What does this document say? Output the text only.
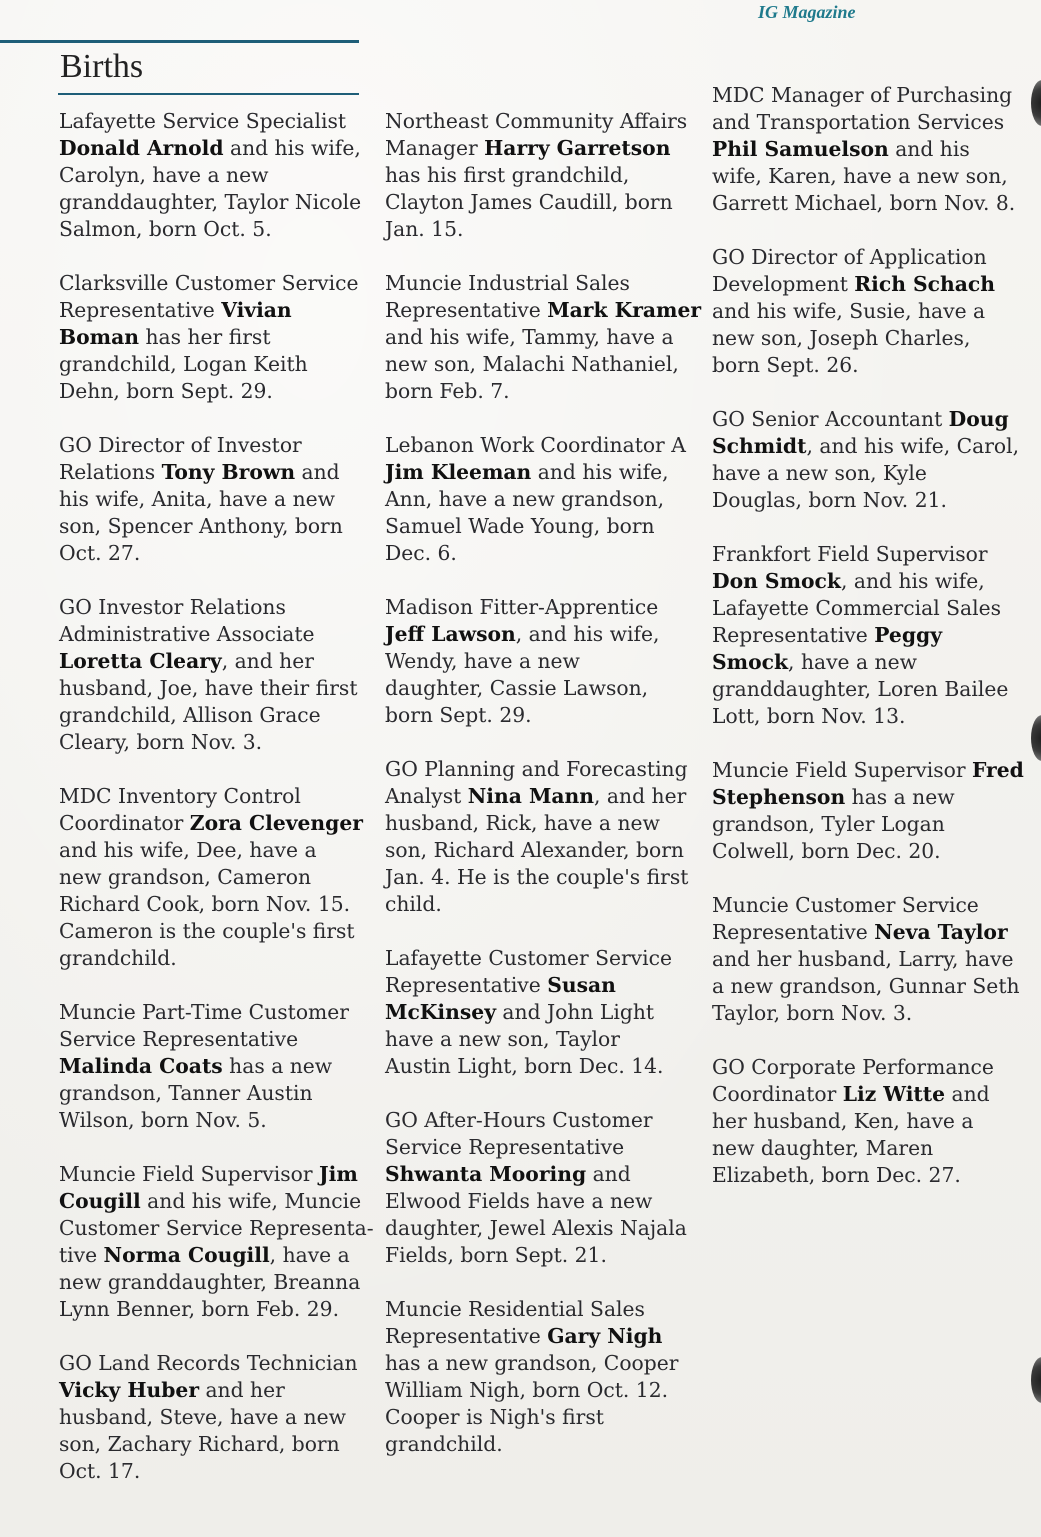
IG Magazine
Births

Lafayette Service Specialist
Donald Arnold and his wife,
Carolyn, have a new
granddaughter, Taylor Nicole
Salmon, born Oct. 5.

Clarksville Customer Service
Representative Vivian
Boman has her first
grandchild, Logan Keith
Dehn, born Sept. 29.

GO Director of Investor
Relations Tony Brown and
his wife, Anita, have a new
son, Spencer Anthony, born
Oct. 27.

GO Investor Relations
Administrative Associate
Loretta Cleary, and her
husband, Joe, have their first
grandchild, Allison Grace
Cleary, born Nov. 3.

MDC Inventory Control
Coordinator Zora Clevenger
and his wife, Dee, have a
new grandson, Cameron
Richard Cook, born Nov. 15.
Cameron is the couple's first
grandchild.

Muncie Part-Time Customer
Service Representative
Malinda Coats has a new
grandson, Tanner Austin
Wilson, born Nov. 5.

Muncie Field Supervisor Jim
Cougill and his wife, Muncie
Customer Service Representa-
tive Norma Cougill, have a
new granddaughter, Breanna
Lynn Benner, born Feb. 29.

GO Land Records Technician
Vicky Huber and her
husband, Steve, have a new
son, Zachary Richard, born
Oct. 17.

Northeast Community Affairs
Manager Harry Garretson
has his first grandchild,
Clayton James Caudill, born
Jan. 15.

Muncie Industrial Sales
Representative Mark Kramer
and his wife, Tammy, have a
new son, Malachi Nathaniel,
born Feb. 7.

Lebanon Work Coordinator A
Jim Kleeman and his wife,
Ann, have a new grandson,
Samuel Wade Young, born
Dec. 6.

Madison Fitter-Apprentice
Jeff Lawson, and his wife,
Wendy, have a new
daughter, Cassie Lawson,
born Sept. 29.

GO Planning and Forecasting
Analyst Nina Mann, and her
husband, Rick, have a new
son, Richard Alexander, born
Jan. 4. He is the couple's first
child.

Lafayette Customer Service
Representative Susan
McKinsey and John Light
have a new son, Taylor
Austin Light, born Dec. 14.

GO After-Hours Customer
Service Representative
Shwanta Mooring and
Elwood Fields have a new
daughter, Jewel Alexis Najala
Fields, born Sept. 21.

Muncie Residential Sales
Representative Gary Nigh
has a new grandson, Cooper
William Nigh, born Oct. 12.
Cooper is Nigh's first
grandchild.

MDC Manager of Purchasing
and Transportation Services
Phil Samuelson and his
wife, Karen, have a new son,
Garrett Michael, born Nov. 8.

GO Director of Application
Development Rich Schach
and his wife, Susie, have a
new son, Joseph Charles,
born Sept. 26.

GO Senior Accountant Doug
Schmidt, and his wife, Carol,
have a new son, Kyle
Douglas, born Nov. 21.

Frankfort Field Supervisor
Don Smock, and his wife,
Lafayette Commercial Sales
Representative Peggy
Smock, have a new
granddaughter, Loren Bailee
Lott, born Nov. 13.

Muncie Field Supervisor Fred
Stephenson has a new
grandson, Tyler Logan
Colwell, born Dec. 20.

Muncie Customer Service
Representative Neva Taylor
and her husband, Larry, have
a new grandson, Gunnar Seth
Taylor, born Nov. 3.

GO Corporate Performance
Coordinator Liz Witte and
her husband, Ken, have a
new daughter, Maren
Elizabeth, born Dec. 27.
